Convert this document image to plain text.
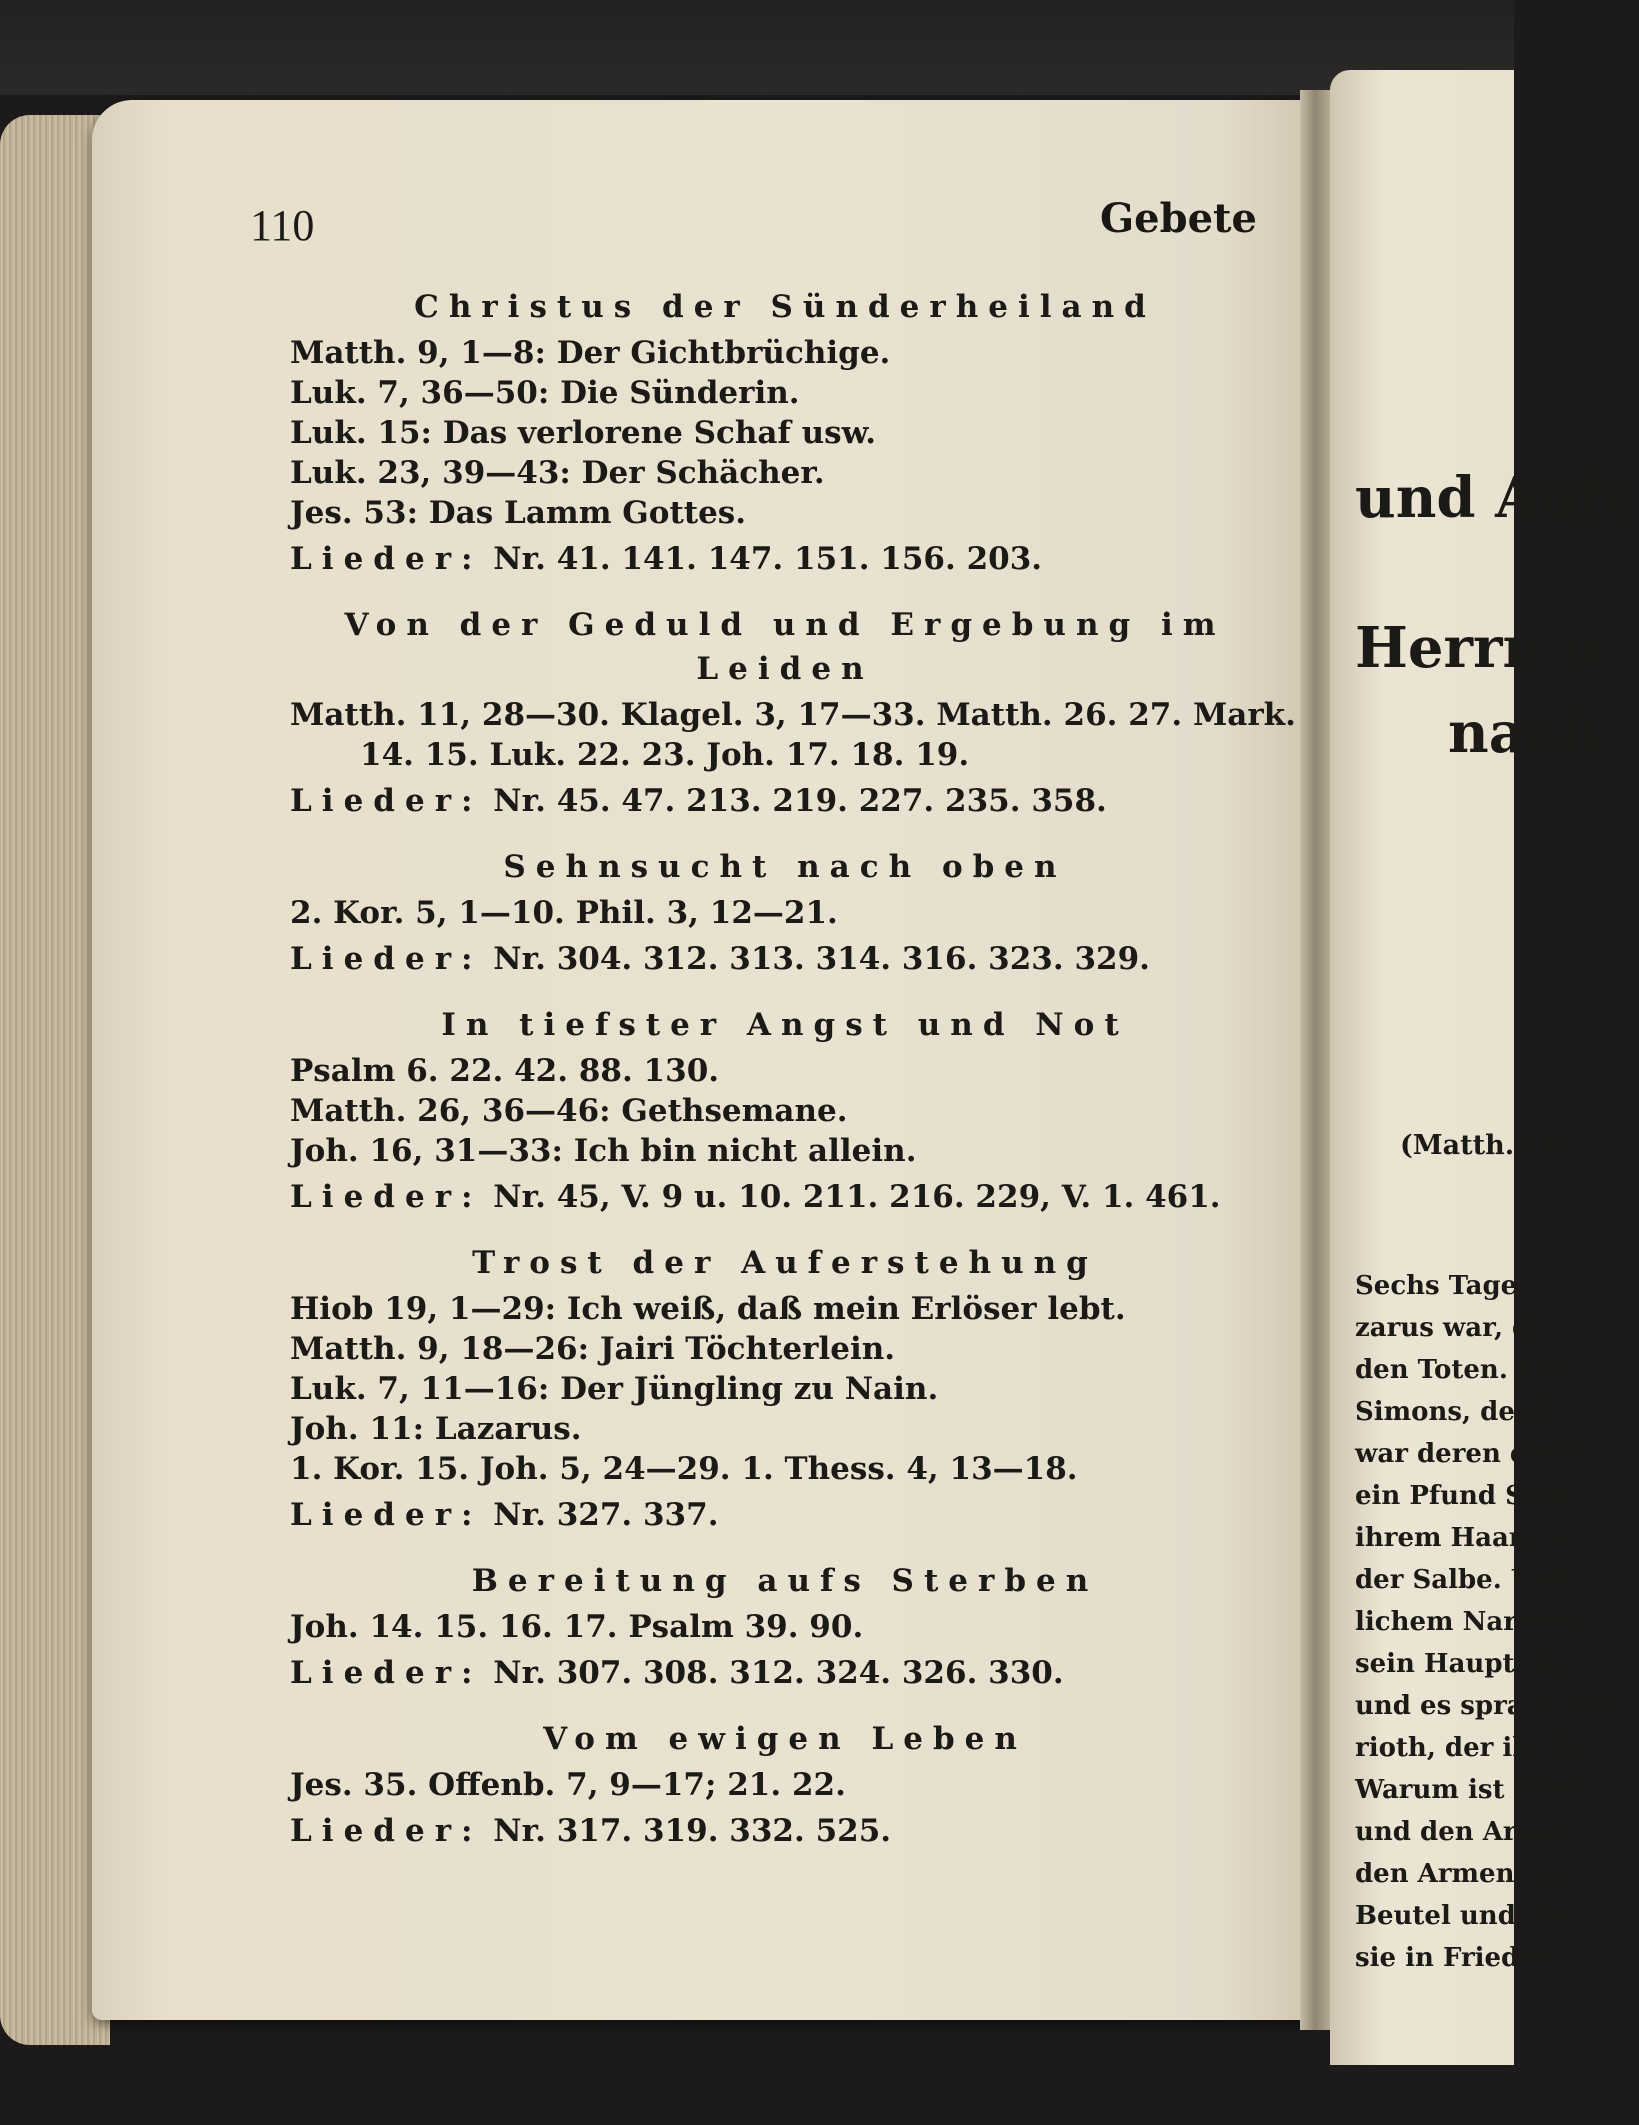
110	Gebete
Christus der Sünderheiland
Matth. 9, 1—8: Der Gichtbrüchige.
Luk. 7, 36—50: Die Sünderin.
Luk. 15: Das verlorene Schaf usw.
Luk. 23, 39—43: Der Schächer.
Jes. 53: Das Lamm Gottes.
Lieder: Nr. 41. 141. 147. 151. 156. 203.
Von der Geduld und Ergebung im Leiden
Matth. 11, 28—30. Klagel. 3, 17—33. Matth. 26. 27. Mark.
14. 15. Luk. 22. 23. Joh. 17. 18. 19.
Lieder: Nr. 45. 47. 213. 219. 227. 235. 358.
Sehnsucht nach oben
2. Kor. 5, 1—10. Phil. 3, 12—21.
Lieder: Nr. 304. 312. 313. 314. 316. 323. 329.
In tiefster Angst und Not
Psalm 6. 22. 42. 88. 130.
Matth. 26, 36—46: Gethsemane.
Joh. 16, 31—33: Ich bin nicht allein.
Lieder: Nr. 45, V. 9 u. 10. 211. 216. 229, V. 1. 461.
Trost der Auferstehung
Hiob 19, 1—29: Ich weiß, daß mein Erlöser lebt.
Matth. 9, 18—26: Jairi Töchterlein.
Luk. 7, 11—16: Der Jüngling zu Nain.
Joh. 11: Lazarus.
1. Kor. 15. Joh. 5, 24—29. 1. Thess. 4, 13—18.
Lieder: Nr. 327. 337.
Bereitung aufs Sterben
Joh. 14. 15. 16. 17. Psalm 39. 90.
Lieder: Nr. 307. 308. 312. 324. 326. 330.
Vom ewigen Leben
Jes. 35. Offenb. 7, 9—17; 21. 22.
Lieder: Nr. 317. 319. 332. 525.
und Aufe
Herrn u
nach
(Matth. 26,
Sechs Tage
zarus war, der
den Toten. Das
Simons, des A
war deren einer
ein Pfund Salb
ihrem Haare sei
der Salbe. Und
lichem Nardenw
sein Haupt. Da
und es sprach sei
rioth, der ihn h
Warum ist diese
und den Armen
den Armen fra
Beutel und tru
sie in Frieden!
